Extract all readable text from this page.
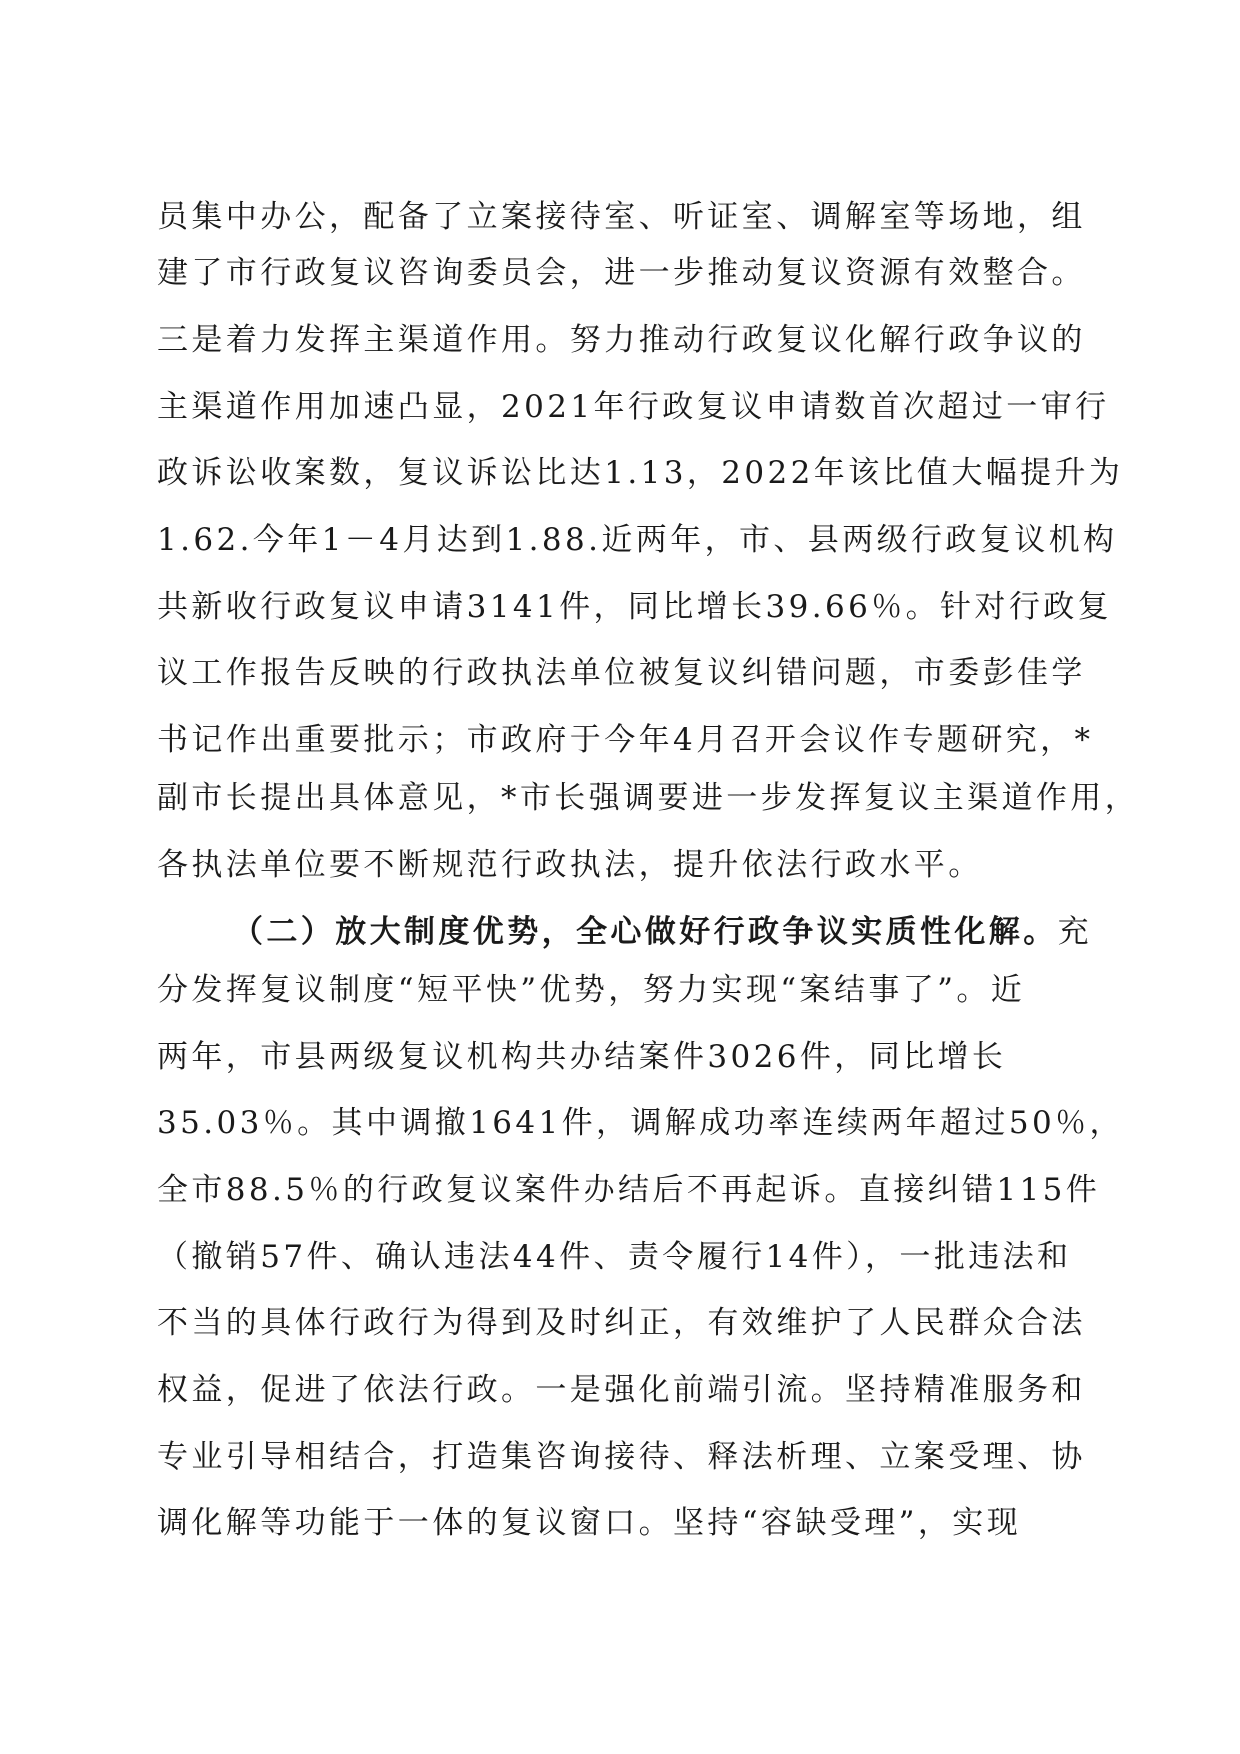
员集中办公，配备了立案接待室、听证室、调解室等场地，组
建了市行政复议咨询委员会，进一步推动复议资源有效整合。
三是着力发挥主渠道作用。努力推动行政复议化解行政争议的
主渠道作用加速凸显，2021年行政复议申请数首次超过一审行
政诉讼收案数，复议诉讼比达1.13，2022年该比值大幅提升为
1.62.今年1－4月达到1.88.近两年，市、县两级行政复议机构
共新收行政复议申请3141件，同比增长39.66％。针对行政复
议工作报告反映的行政执法单位被复议纠错问题，市委彭佳学
书记作出重要批示；市政府于今年4月召开会议作专题研究，*
副市长提出具体意见，*市长强调要进一步发挥复议主渠道作用，
各执法单位要不断规范行政执法，提升依法行政水平。
（二）放大制度优势，全心做好行政争议实质性化解。充
分发挥复议制度“短平快”优势，努力实现“案结事了”。近
两年，市县两级复议机构共办结案件3026件，同比增长
35.03％。其中调撤1641件，调解成功率连续两年超过50％，
全市88.5％的行政复议案件办结后不再起诉。直接纠错115件
（撤销57件、确认违法44件、责令履行14件），一批违法和
不当的具体行政行为得到及时纠正，有效维护了人民群众合法
权益，促进了依法行政。一是强化前端引流。坚持精准服务和
专业引导相结合，打造集咨询接待、释法析理、立案受理、协
调化解等功能于一体的复议窗口。坚持“容缺受理”，实现
